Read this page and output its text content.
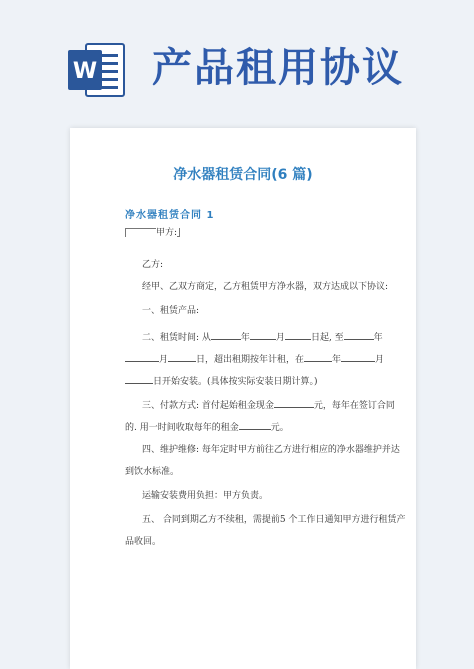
W 产品租用协议
净水器租赁合同(6 篇)
净水器租赁合同 1
甲方:
乙方:
经甲、乙双方商定，乙方租赁甲方净水器，双方达成以下协议:
一、租赁产品:
二、租赁时间: 从	年	月	日起, 至	年
月	日，超出租期按年计租，在	年	月
日开始安装。(具体按实际安装日期计算。)
三、付款方式: 首付起始租金现金	元，每年在签订合同
的. 用一时间收取每年的租金	元。
四、维护维修: 每年定时甲方前往乙方进行相应的净水器维护并达
到饮水标准。
运输安装费用负担：甲方负责。
五、 合同到期乙方不续租，需提前5 个工作日通知甲方进行租赁产
品收回。
